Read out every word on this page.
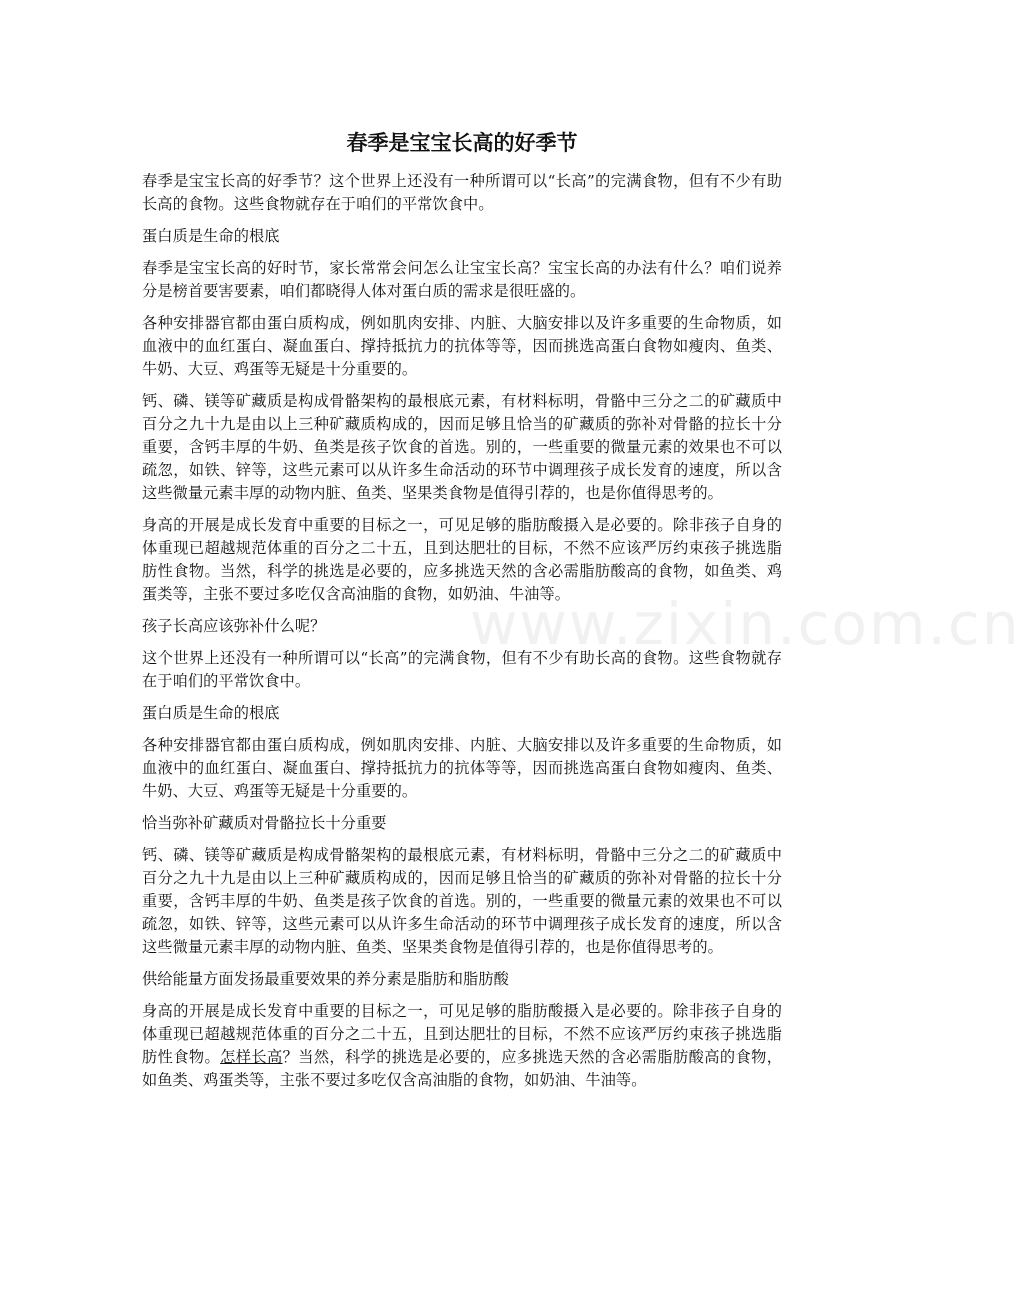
www.zixin.com.cn
春季是宝宝长高的好季节

春季是宝宝长高的好季节？这个世界上还没有一种所谓可以“长高”的完满食物，但有不少有助长高的食物。这些食物就存在于咱们的平常饮食中。

蛋白质是生命的根底

春季是宝宝长高的好时节，家长常常会问怎么让宝宝长高？宝宝长高的办法有什么？咱们说养分是榜首要害要素，咱们都晓得人体对蛋白质的需求是很旺盛的。

各种安排器官都由蛋白质构成，例如肌肉安排、内脏、大脑安排以及许多重要的生命物质，如血液中的血红蛋白、凝血蛋白、撑持抵抗力的抗体等等，因而挑选高蛋白食物如瘦肉、鱼类、牛奶、大豆、鸡蛋等无疑是十分重要的。

钙、磷、镁等矿藏质是构成骨骼架构的最根底元素，有材料标明，骨骼中三分之二的矿藏质中百分之九十九是由以上三种矿藏质构成的，因而足够且恰当的矿藏质的弥补对骨骼的拉长十分重要，含钙丰厚的牛奶、鱼类是孩子饮食的首选。别的，一些重要的微量元素的效果也不可以疏忽，如铁、锌等，这些元素可以从许多生命活动的环节中调理孩子成长发育的速度，所以含这些微量元素丰厚的动物内脏、鱼类、坚果类食物是值得引荐的，也是你值得思考的。

身高的开展是成长发育中重要的目标之一，可见足够的脂肪酸摄入是必要的。除非孩子自身的体重现已超越规范体重的百分之二十五，且到达肥壮的目标，不然不应该严厉约束孩子挑选脂肪性食物。当然，科学的挑选是必要的，应多挑选天然的含必需脂肪酸高的食物，如鱼类、鸡蛋类等，主张不要过多吃仅含高油脂的食物，如奶油、牛油等。

孩子长高应该弥补什么呢？

这个世界上还没有一种所谓可以“长高”的完满食物，但有不少有助长高的食物。这些食物就存在于咱们的平常饮食中。

蛋白质是生命的根底

各种安排器官都由蛋白质构成，例如肌肉安排、内脏、大脑安排以及许多重要的生命物质，如血液中的血红蛋白、凝血蛋白、撑持抵抗力的抗体等等，因而挑选高蛋白食物如瘦肉、鱼类、牛奶、大豆、鸡蛋等无疑是十分重要的。

恰当弥补矿藏质对骨骼拉长十分重要

钙、磷、镁等矿藏质是构成骨骼架构的最根底元素，有材料标明，骨骼中三分之二的矿藏质中百分之九十九是由以上三种矿藏质构成的，因而足够且恰当的矿藏质的弥补对骨骼的拉长十分重要，含钙丰厚的牛奶、鱼类是孩子饮食的首选。别的，一些重要的微量元素的效果也不可以疏忽，如铁、锌等，这些元素可以从许多生命活动的环节中调理孩子成长发育的速度，所以含这些微量元素丰厚的动物内脏、鱼类、坚果类食物是值得引荐的，也是你值得思考的。

供给能量方面发扬最重要效果的养分素是脂肪和脂肪酸

身高的开展是成长发育中重要的目标之一，可见足够的脂肪酸摄入是必要的。除非孩子自身的体重现已超越规范体重的百分之二十五，且到达肥壮的目标，不然不应该严厉约束孩子挑选脂肪性食物。怎样长高？当然，科学的挑选是必要的，应多挑选天然的含必需脂肪酸高的食物，如鱼类、鸡蛋类等，主张不要过多吃仅含高油脂的食物，如奶油、牛油等。
